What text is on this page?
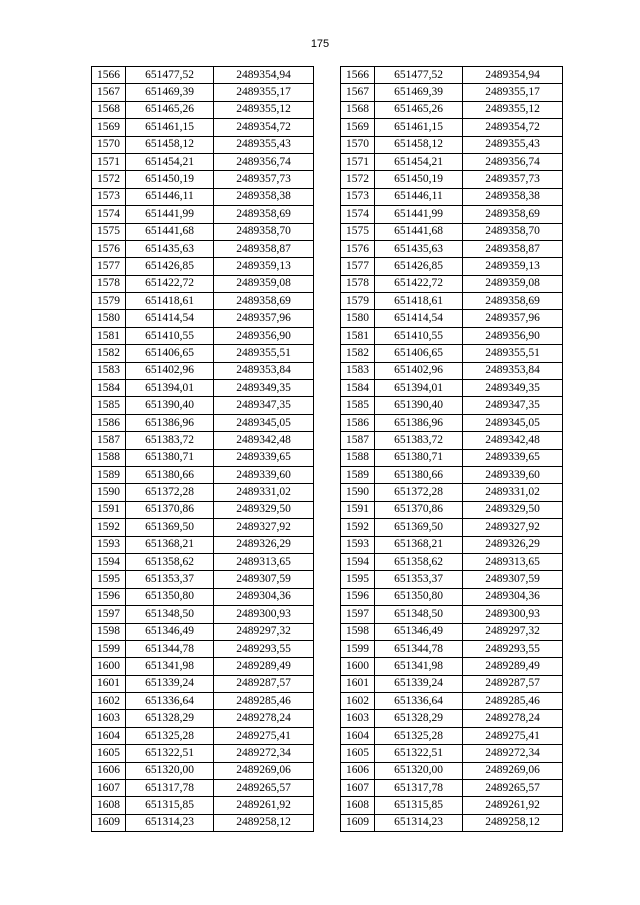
175
1566	651477,52	2489354,94
1567	651469,39	2489355,17
1568	651465,26	2489355,12
1569	651461,15	2489354,72
1570	651458,12	2489355,43
1571	651454,21	2489356,74
1572	651450,19	2489357,73
1573	651446,11	2489358,38
1574	651441,99	2489358,69
1575	651441,68	2489358,70
1576	651435,63	2489358,87
1577	651426,85	2489359,13
1578	651422,72	2489359,08
1579	651418,61	2489358,69
1580	651414,54	2489357,96
1581	651410,55	2489356,90
1582	651406,65	2489355,51
1583	651402,96	2489353,84
1584	651394,01	2489349,35
1585	651390,40	2489347,35
1586	651386,96	2489345,05
1587	651383,72	2489342,48
1588	651380,71	2489339,65
1589	651380,66	2489339,60
1590	651372,28	2489331,02
1591	651370,86	2489329,50
1592	651369,50	2489327,92
1593	651368,21	2489326,29
1594	651358,62	2489313,65
1595	651353,37	2489307,59
1596	651350,80	2489304,36
1597	651348,50	2489300,93
1598	651346,49	2489297,32
1599	651344,78	2489293,55
1600	651341,98	2489289,49
1601	651339,24	2489287,57
1602	651336,64	2489285,46
1603	651328,29	2489278,24
1604	651325,28	2489275,41
1605	651322,51	2489272,34
1606	651320,00	2489269,06
1607	651317,78	2489265,57
1608	651315,85	2489261,92
1609	651314,23	2489258,12
1566	651477,52	2489354,94
1567	651469,39	2489355,17
1568	651465,26	2489355,12
1569	651461,15	2489354,72
1570	651458,12	2489355,43
1571	651454,21	2489356,74
1572	651450,19	2489357,73
1573	651446,11	2489358,38
1574	651441,99	2489358,69
1575	651441,68	2489358,70
1576	651435,63	2489358,87
1577	651426,85	2489359,13
1578	651422,72	2489359,08
1579	651418,61	2489358,69
1580	651414,54	2489357,96
1581	651410,55	2489356,90
1582	651406,65	2489355,51
1583	651402,96	2489353,84
1584	651394,01	2489349,35
1585	651390,40	2489347,35
1586	651386,96	2489345,05
1587	651383,72	2489342,48
1588	651380,71	2489339,65
1589	651380,66	2489339,60
1590	651372,28	2489331,02
1591	651370,86	2489329,50
1592	651369,50	2489327,92
1593	651368,21	2489326,29
1594	651358,62	2489313,65
1595	651353,37	2489307,59
1596	651350,80	2489304,36
1597	651348,50	2489300,93
1598	651346,49	2489297,32
1599	651344,78	2489293,55
1600	651341,98	2489289,49
1601	651339,24	2489287,57
1602	651336,64	2489285,46
1603	651328,29	2489278,24
1604	651325,28	2489275,41
1605	651322,51	2489272,34
1606	651320,00	2489269,06
1607	651317,78	2489265,57
1608	651315,85	2489261,92
1609	651314,23	2489258,12
